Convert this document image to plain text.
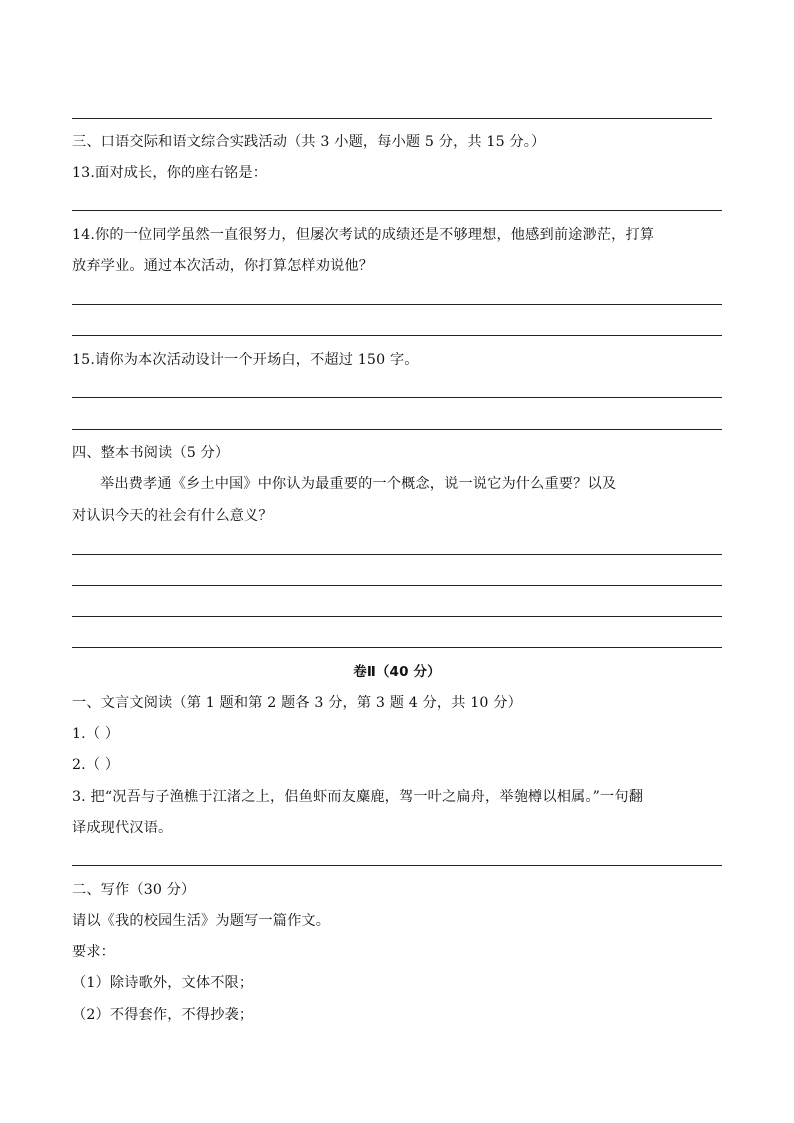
三、口语交际和语文综合实践活动（共 3 小题，每小题 5 分，共 15 分。）
13.面对成长，你的座右铭是：
14.你的一位同学虽然一直很努力，但屡次考试的成绩还是不够理想，他感到前途渺茫，打算
放弃学业。通过本次活动，你打算怎样劝说他？
15.请你为本次活动设计一个开场白，不超过 150 字。
四、整本书阅读（5 分）
举出费孝通《乡土中国》中你认为最重要的一个概念，说一说它为什么重要？以及
对认识今天的社会有什么意义？
卷Ⅱ（40 分）
一、文言文阅读（第 1 题和第 2 题各 3 分，第 3 题 4 分，共 10 分）
1.（ ）
2.（ ）
3. 把“况吾与子渔樵于江渚之上，侣鱼虾而友麋鹿，驾一叶之扁舟，举匏樽以相属。”一句翻
译成现代汉语。
二、写作（30 分）
请以《我的校园生活》为题写一篇作文。
要求：
（1）除诗歌外，文体不限；
（2）不得套作，不得抄袭；
